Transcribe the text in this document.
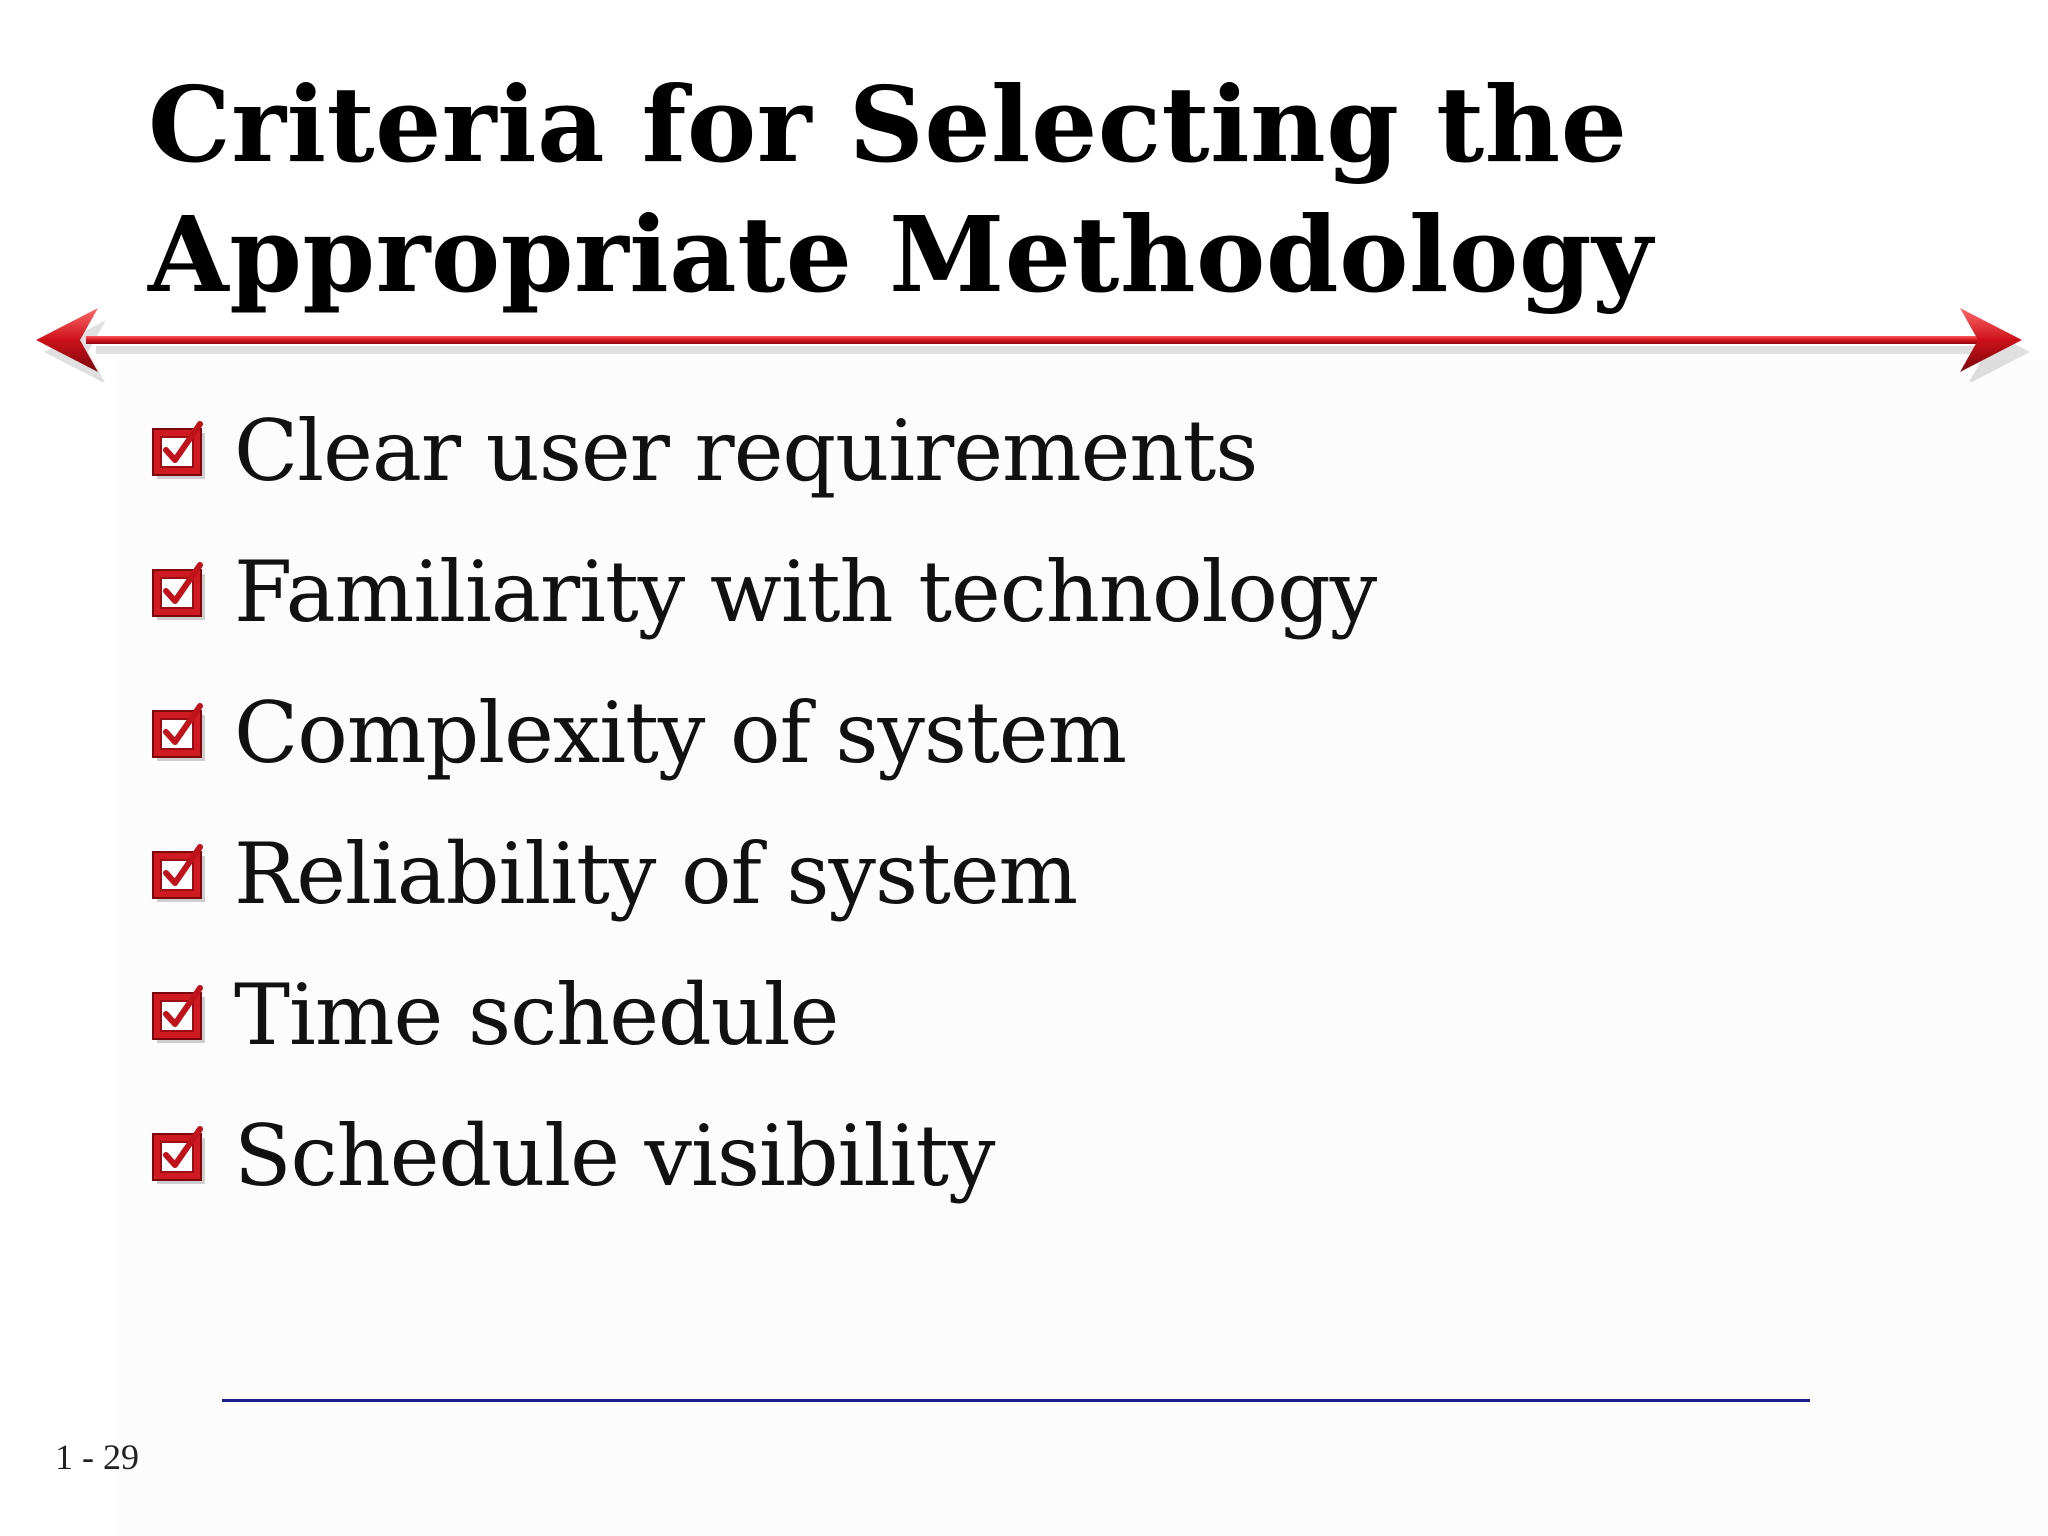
Criteria for Selecting the
Appropriate Methodology
Clear user requirements
Familiarity with technology
Complexity of system
Reliability of system
Time schedule
Schedule visibility
1 - 29
